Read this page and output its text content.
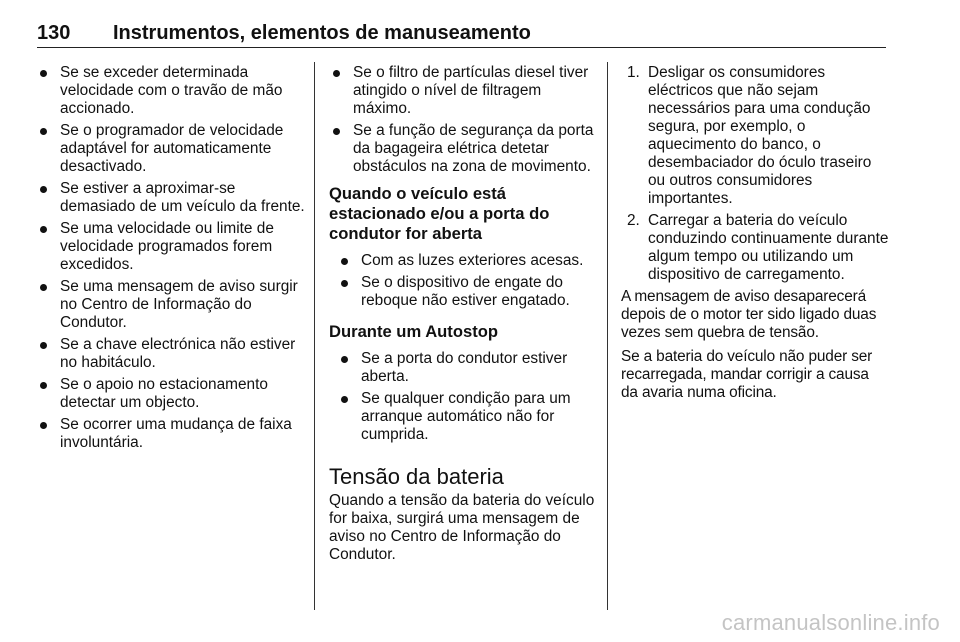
130 Instrumentos, elementos de manuseamento
Se se exceder determinada velocidade com o travão de mão accionado.
Se o programador de velocidade adaptável for automaticamente desactivado.
Se estiver a aproximar-se demasiado de um veículo da frente.
Se uma velocidade ou limite de velocidade programados forem excedidos.
Se uma mensagem de aviso surgir no Centro de Informação do Condutor.
Se a chave electrónica não estiver no habitáculo.
Se o apoio no estacionamento detectar um objecto.
Se ocorrer uma mudança de faixa involuntária.
Se o filtro de partículas diesel tiver atingido o nível de filtragem máximo.
Se a função de segurança da porta da bagageira elétrica detetar obstáculos na zona de movimento.
Quando o veículo está estacionado e/ou a porta do condutor for aberta
Com as luzes exteriores acesas.
Se o dispositivo de engate do reboque não estiver engatado.
Durante um Autostop
Se a porta do condutor estiver aberta.
Se qualquer condição para um arranque automático não for cumprida.
Tensão da bateria

Quando a tensão da bateria do veículo for baixa, surgirá uma mensagem de aviso no Centro de Informação do Condutor.

1. Desligar os consumidores eléctricos que não sejam necessários para uma condução segura, por exemplo, o aquecimento do banco, o desembaciador do óculo traseiro ou outros consumidores importantes.
2. Carregar a bateria do veículo conduzindo continuamente durante algum tempo ou utilizando um dispositivo de carregamento.

A mensagem de aviso desaparecerá depois de o motor ter sido ligado duas vezes sem quebra de tensão.

Se a bateria do veículo não puder ser recarregada, mandar corrigir a causa da avaria numa oficina.

carmanualsonline.info
